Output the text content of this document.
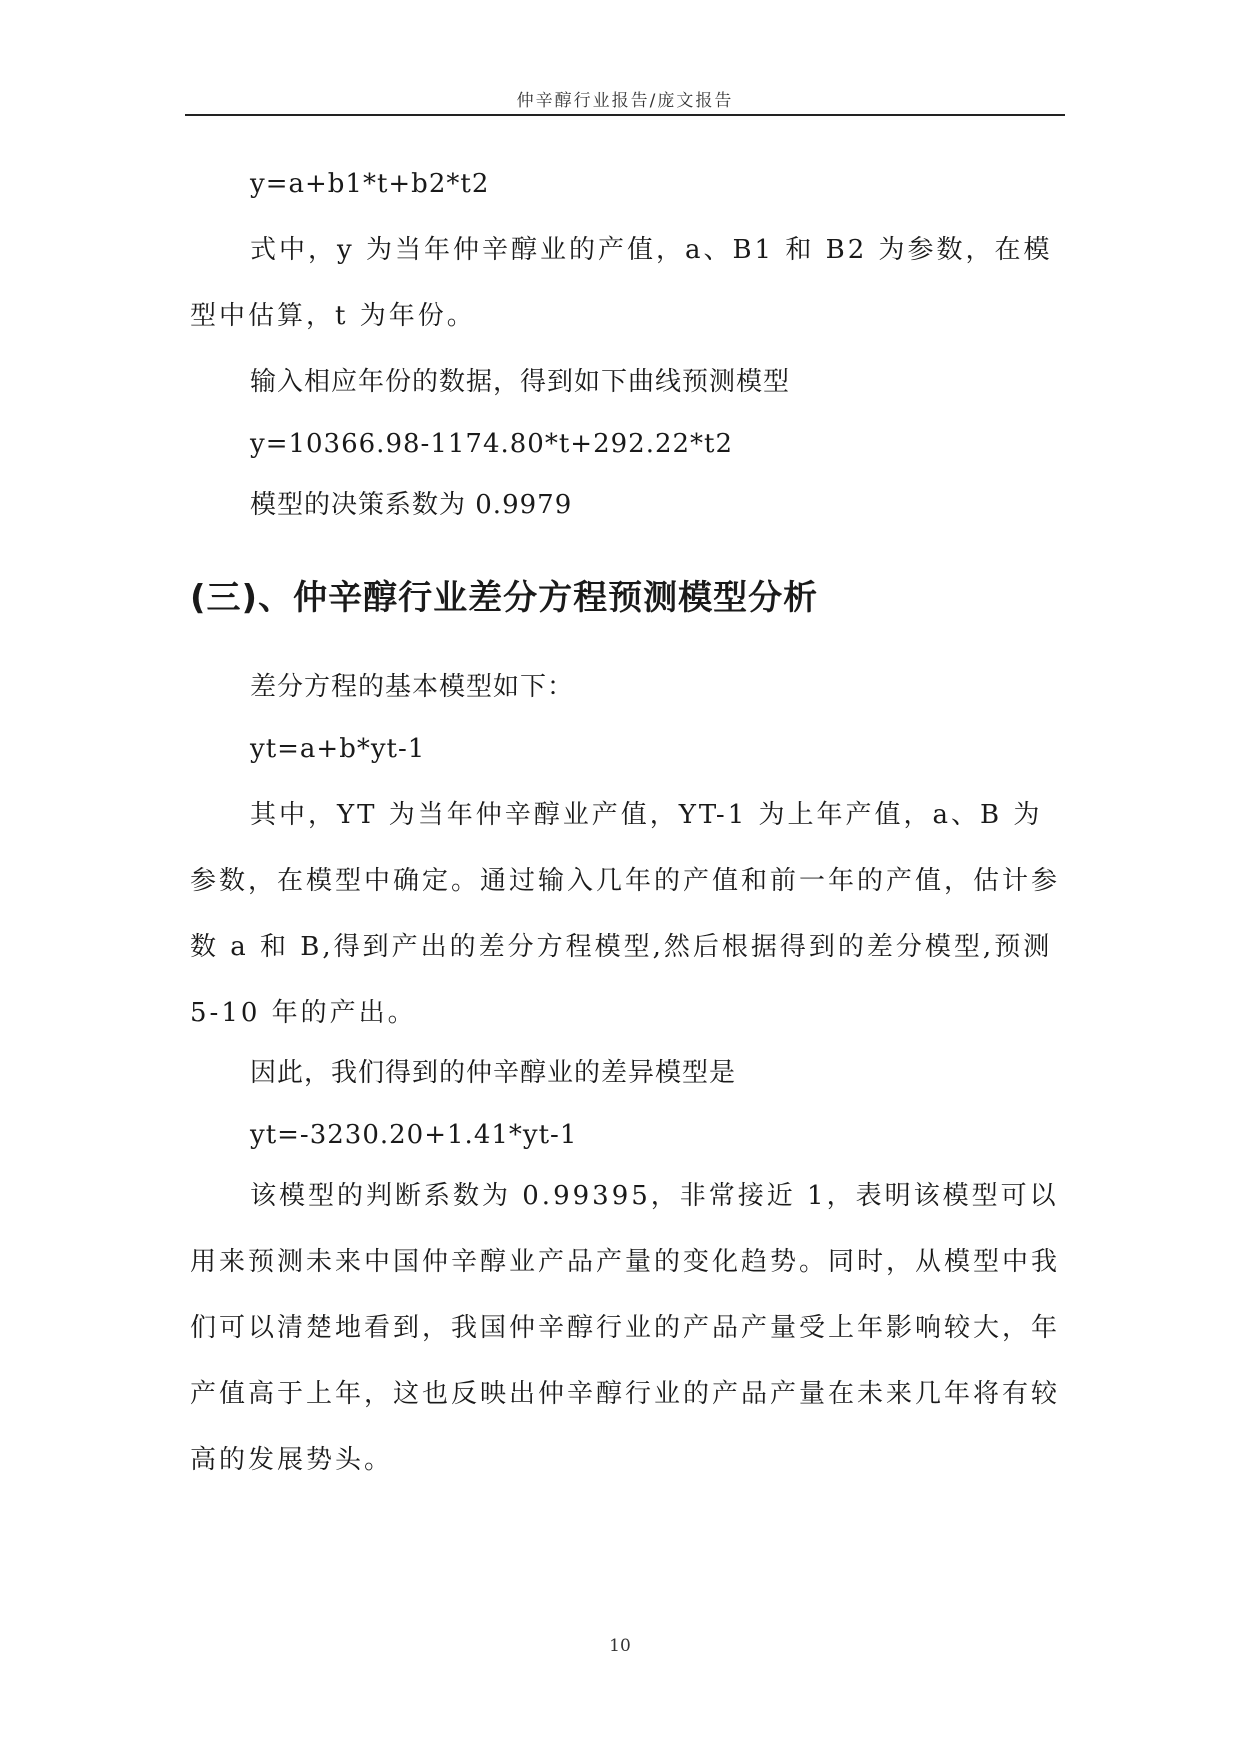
仲辛醇行业报告/庞文报告

y=a+b1*t+b2*t2

式中，y 为当年仲辛醇业的产值，a、B1 和 B2 为参数，在模型中估算，t 为年份。

输入相应年份的数据，得到如下曲线预测模型

y=10366.98-1174.80*t+292.22*t2

模型的决策系数为 0.9979

(三)、仲辛醇行业差分方程预测模型分析

差分方程的基本模型如下：

yt=a+b*yt-1

其中，YT 为当年仲辛醇业产值，YT-1 为上年产值，a、B 为参数，在模型中确定。通过输入几年的产值和前一年的产值，估计参数 a 和 B,得到产出的差分方程模型,然后根据得到的差分模型,预测 5-10 年的产出。

因此，我们得到的仲辛醇业的差异模型是

yt=-3230.20+1.41*yt-1

该模型的判断系数为 0.99395，非常接近 1，表明该模型可以用来预测未来中国仲辛醇业产品产量的变化趋势。同时，从模型中我们可以清楚地看到，我国仲辛醇行业的产品产量受上年影响较大，年产值高于上年，这也反映出仲辛醇行业的产品产量在未来几年将有较高的发展势头。

10
